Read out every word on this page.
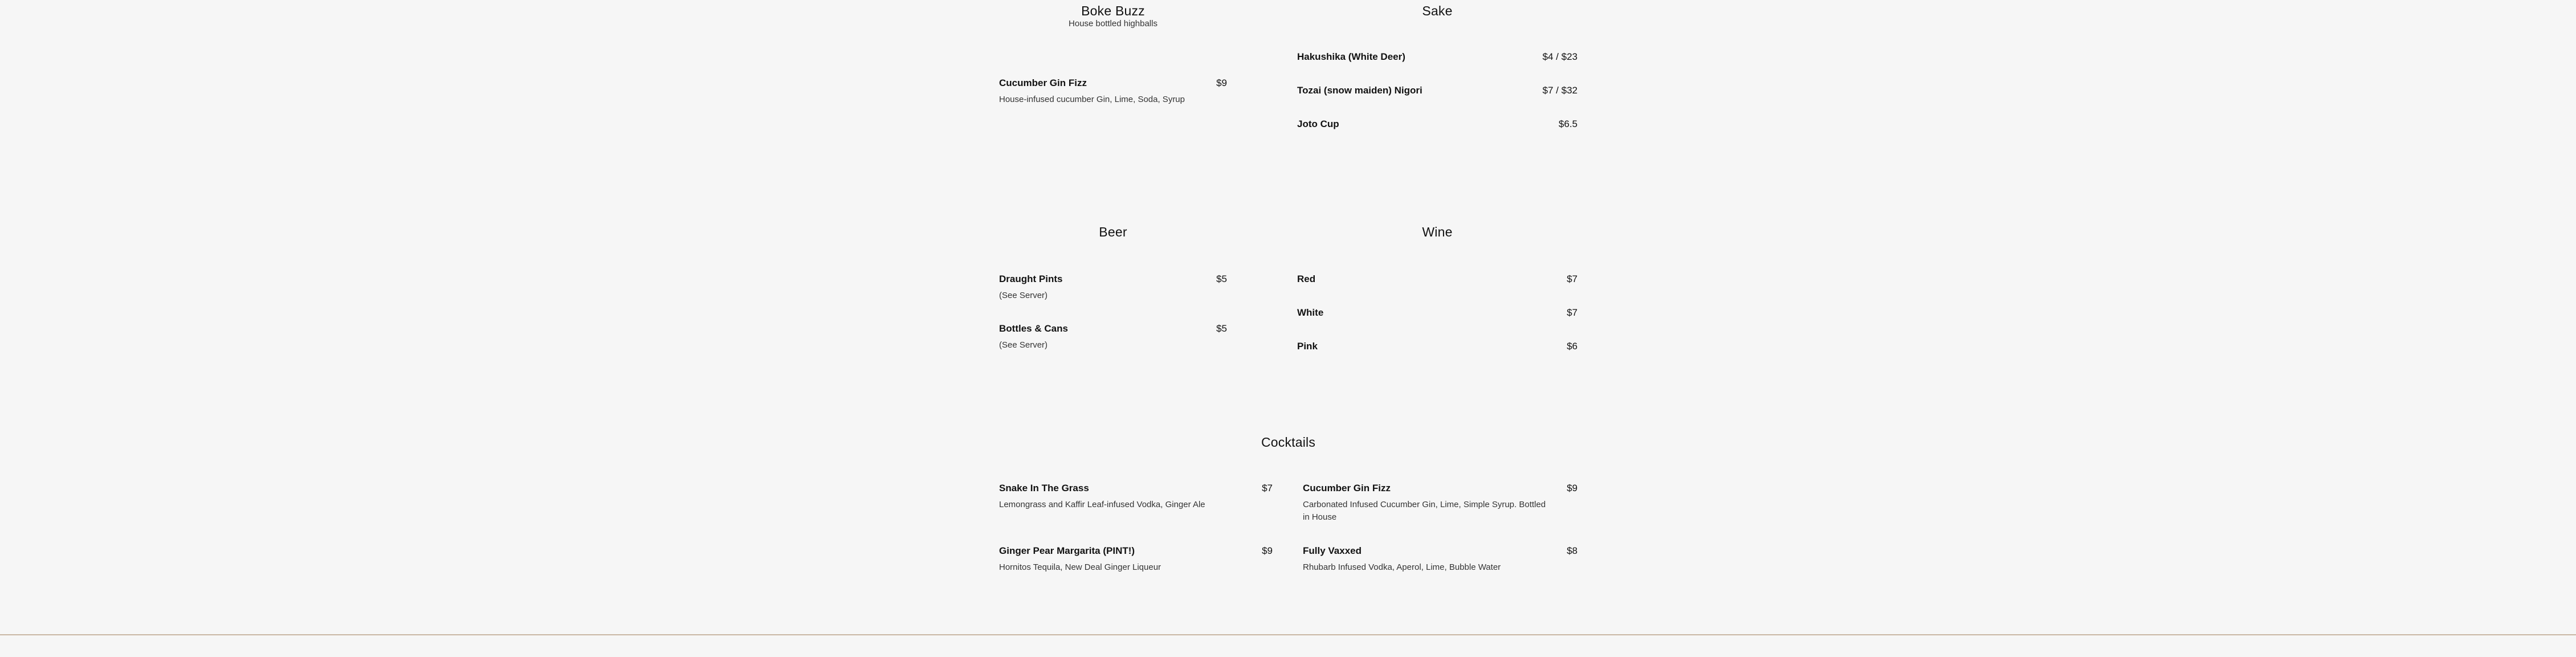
Boke Buzz
House bottled highballs
Cucumber Gin Fizz	$9
House-infused cucumber Gin, Lime, Soda, Syrup
Sake
Hakushika (White Deer)	$4 / $23
Tozai (snow maiden) Nigori	$7 / $32
Joto Cup	$6.5
Beer
Draught Pints	$5
(See Server)
Bottles & Cans	$5
(See Server)
Wine
Red	$7
White	$7
Pink	$6
Cocktails
Snake In The Grass	$7
Lemongrass and Kaffir Leaf-infused Vodka, Ginger Ale
Ginger Pear Margarita (PINT!)	$9
Hornitos Tequila, New Deal Ginger Liqueur
Cucumber Gin Fizz	$9
Carbonated Infused Cucumber Gin, Lime, Simple Syrup. Bottled in House
Fully Vaxxed	$8
Rhubarb Infused Vodka, Aperol, Lime, Bubble Water
